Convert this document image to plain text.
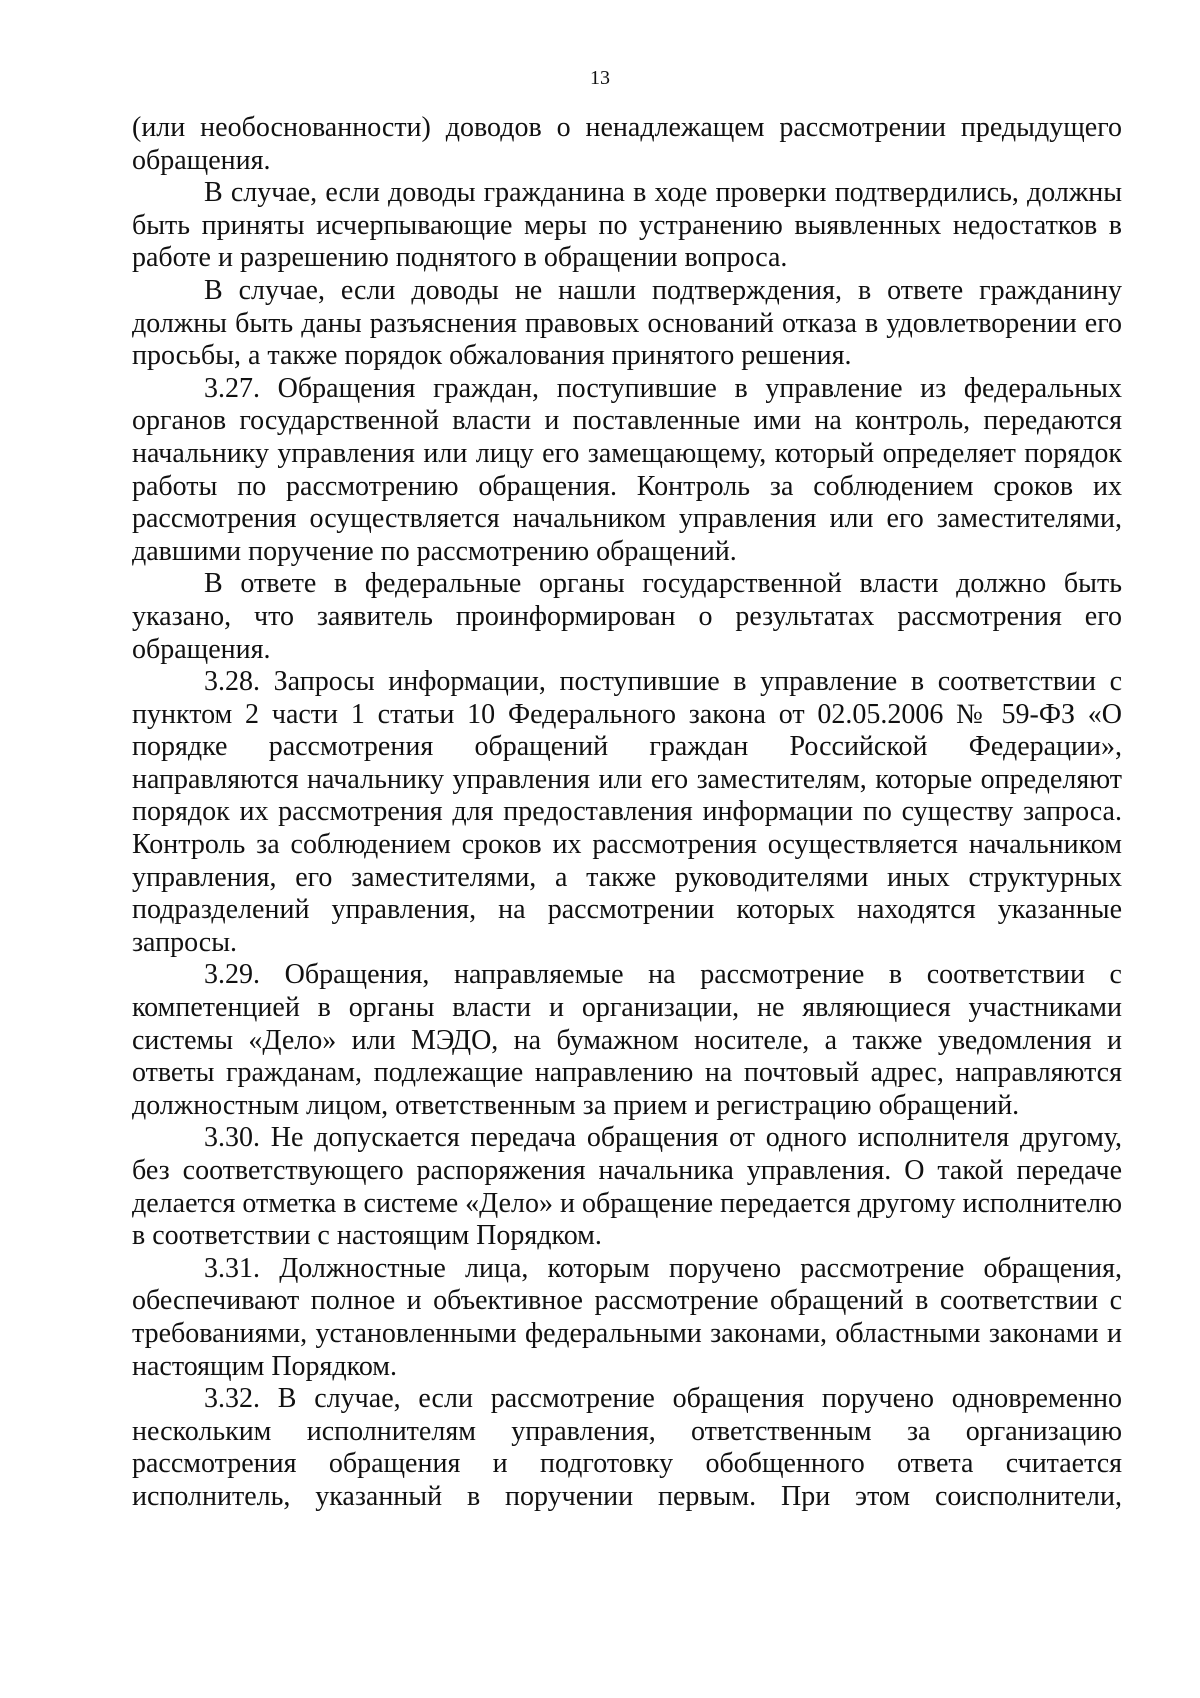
13

(или необоснованности) доводов о ненадлежащем рассмотрении предыдущего обращения.

В случае, если доводы гражданина в ходе проверки подтвердились, должны быть приняты исчерпывающие меры по устранению выявленных недостатков в работе и разрешению поднятого в обращении вопроса.

В случае, если доводы не нашли подтверждения, в ответе гражданину должны быть даны разъяснения правовых оснований отказа в удовлетворении его просьбы, а также порядок обжалования принятого решения.

3.27. Обращения граждан, поступившие в управление из федеральных органов государственной власти и поставленные ими на контроль, передаются начальнику управления или лицу его замещающему, который определяет порядок работы по рассмотрению обращения. Контроль за соблюдением сроков их рассмотрения осуществляется начальником управления или его заместителями, давшими поручение по рассмотрению обращений.

В ответе в федеральные органы государственной власти должно быть указано, что заявитель проинформирован о результатах рассмотрения его обращения.

3.28. Запросы информации, поступившие в управление в соответствии с пунктом 2 части 1 статьи 10 Федерального закона от 02.05.2006 № 59-ФЗ «О порядке рассмотрения обращений граждан Российской Федерации», направляются начальнику управления или его заместителям, которые определяют порядок их рассмотрения для предоставления информации по существу запроса. Контроль за соблюдением сроков их рассмотрения осуществляется начальником управления, его заместителями, а также руководителями иных структурных подразделений управления, на рассмотрении которых находятся указанные запросы.

3.29. Обращения, направляемые на рассмотрение в соответствии с компетенцией в органы власти и организации, не являющиеся участниками системы «Дело» или МЭДО, на бумажном носителе, а также уведомления и ответы гражданам, подлежащие направлению на почтовый адрес, направляются должностным лицом, ответственным за прием и регистрацию обращений.

3.30. Не допускается передача обращения от одного исполнителя другому, без соответствующего распоряжения начальника управления. О такой передаче делается отметка в системе «Дело» и обращение передается другому исполнителю в соответствии с настоящим Порядком.

3.31. Должностные лица, которым поручено рассмотрение обращения, обеспечивают полное и объективное рассмотрение обращений в соответствии с требованиями, установленными федеральными законами, областными законами и настоящим Порядком.

3.32. В случае, если рассмотрение обращения поручено одновременно нескольким исполнителям управления, ответственным за организацию рассмотрения обращения и подготовку обобщенного ответа считается исполнитель, указанный в поручении первым. При этом соисполнители,
